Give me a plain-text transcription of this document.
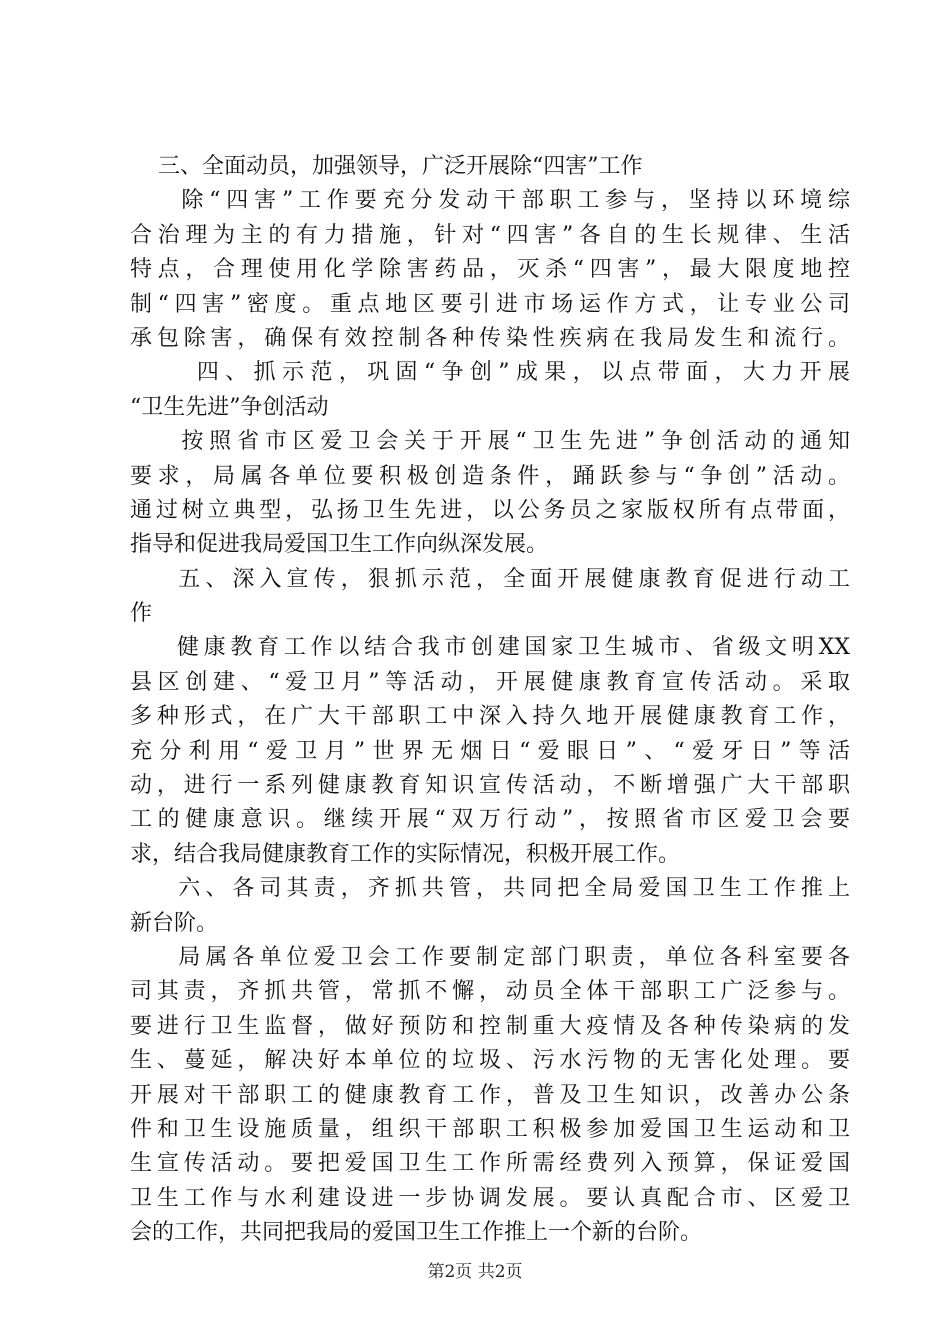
三、全面动员，加强领导，广泛开展除“四害”工作
除“四害”工作要充分发动干部职工参与，坚持以环境综
合治理为主的有力措施，针对“四害”各自的生长规律、生活
特点，合理使用化学除害药品，灭杀“四害”，最大限度地控
制“四害”密度。重点地区要引进市场运作方式，让专业公司
承包除害，确保有效控制各种传染性疾病在我局发生和流行。
四、抓示范，巩固“争创”成果，以点带面，大力开展
“卫生先进”争创活动
按照省市区爱卫会关于开展“卫生先进”争创活动的通知
要求，局属各单位要积极创造条件，踊跃参与“争创”活动。
通过树立典型，弘扬卫生先进，以公务员之家版权所有点带面，
指导和促进我局爱国卫生工作向纵深发展。
五、深入宣传，狠抓示范，全面开展健康教育促进行动工
作
健康教育工作以结合我市创建国家卫生城市、省级文明XX
县区创建、“爱卫月”等活动，开展健康教育宣传活动。采取
多种形式，在广大干部职工中深入持久地开展健康教育工作，
充分利用“爱卫月”世界无烟日“爱眼日”、“爱牙日”等活
动，进行一系列健康教育知识宣传活动，不断增强广大干部职
工的健康意识。继续开展“双万行动”，按照省市区爱卫会要
求，结合我局健康教育工作的实际情况，积极开展工作。
六、各司其责，齐抓共管，共同把全局爱国卫生工作推上
新台阶。
局属各单位爱卫会工作要制定部门职责，单位各科室要各
司其责，齐抓共管，常抓不懈，动员全体干部职工广泛参与。
要进行卫生监督，做好预防和控制重大疫情及各种传染病的发
生、蔓延，解决好本单位的垃圾、污水污物的无害化处理。要
开展对干部职工的健康教育工作，普及卫生知识，改善办公条
件和卫生设施质量，组织干部职工积极参加爱国卫生运动和卫
生宣传活动。要把爱国卫生工作所需经费列入预算，保证爱国
卫生工作与水利建设进一步协调发展。要认真配合市、区爱卫
会的工作，共同把我局的爱国卫生工作推上一个新的台阶。
第2页 共2页
